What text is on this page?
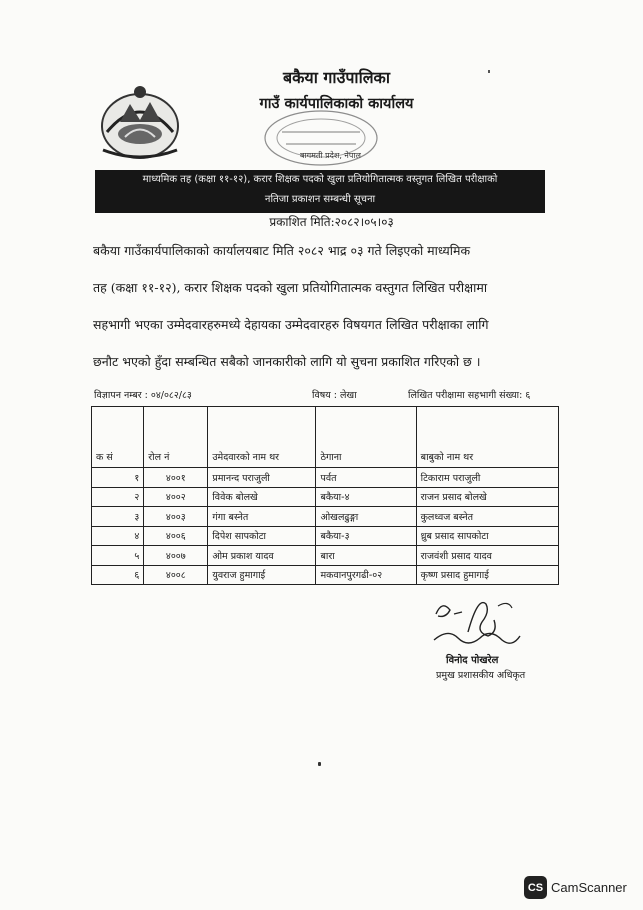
बकैया गाउँपालिका
गाउँ कार्यपालिकाको कार्यालय
बागमती प्रदेश, नेपाल
माध्यमिक तह (कक्षा ११-१२), करार शिक्षक पदको खुला प्रतियोगितात्मक वस्तुगत लिखित परीक्षाको
नतिजा प्रकाशन सम्बन्धी सूचना
प्रकाशित मिति:२०८२।०५।०३
बकैया गाउँकार्यपालिकाको कार्यालयबाट मिति २०८२ भाद्र ०३ गते लिइएको माध्यमिक
तह (कक्षा ११-१२), करार शिक्षक पदको खुला प्रतियोगितात्मक वस्तुगत लिखित परीक्षामा
सहभागी भएका उम्मेदवारहरुमध्ये देहायका उम्मेदवारहरु विषयगत लिखित परीक्षाका लागि
छनौट भएको हुँदा सम्बन्धित सबैको जानकारीको लागि यो सुचना प्रकाशित गरिएको छ ।
विज्ञापन नम्बर : ०४/०८२/८३	विषय : लेखा	लिखित परीक्षामा सहभागी संख्या: ६
क सं	रोल नं	उमेदवारको नाम थर	ठेगाना	बाबुको नाम थर
१	४००१	प्रमानन्द पराजुली	पर्वत	टिकाराम पराजुली
२	४००२	विवेक बोलखे	बकैया-४	राजन प्रसाद बोलखे
३	४००३	गंगा बस्नेत	ओखलढुङ्गा	कुलध्वज बस्नेत
४	४००६	दिपेश सापकोटा	बकैया-३	ध्रुब प्रसाद सापकोटा
५	४००७	ओम प्रकाश यादव	बारा	राजवंशी प्रसाद यादव
६	४००८	युवराज हुमागाई	मकवानपुरगढी-०२	कृष्ण प्रसाद हुमागाई
विनोद पोखरेल
प्रमुख प्रशासकीय अधिकृत
CS CamScanner
